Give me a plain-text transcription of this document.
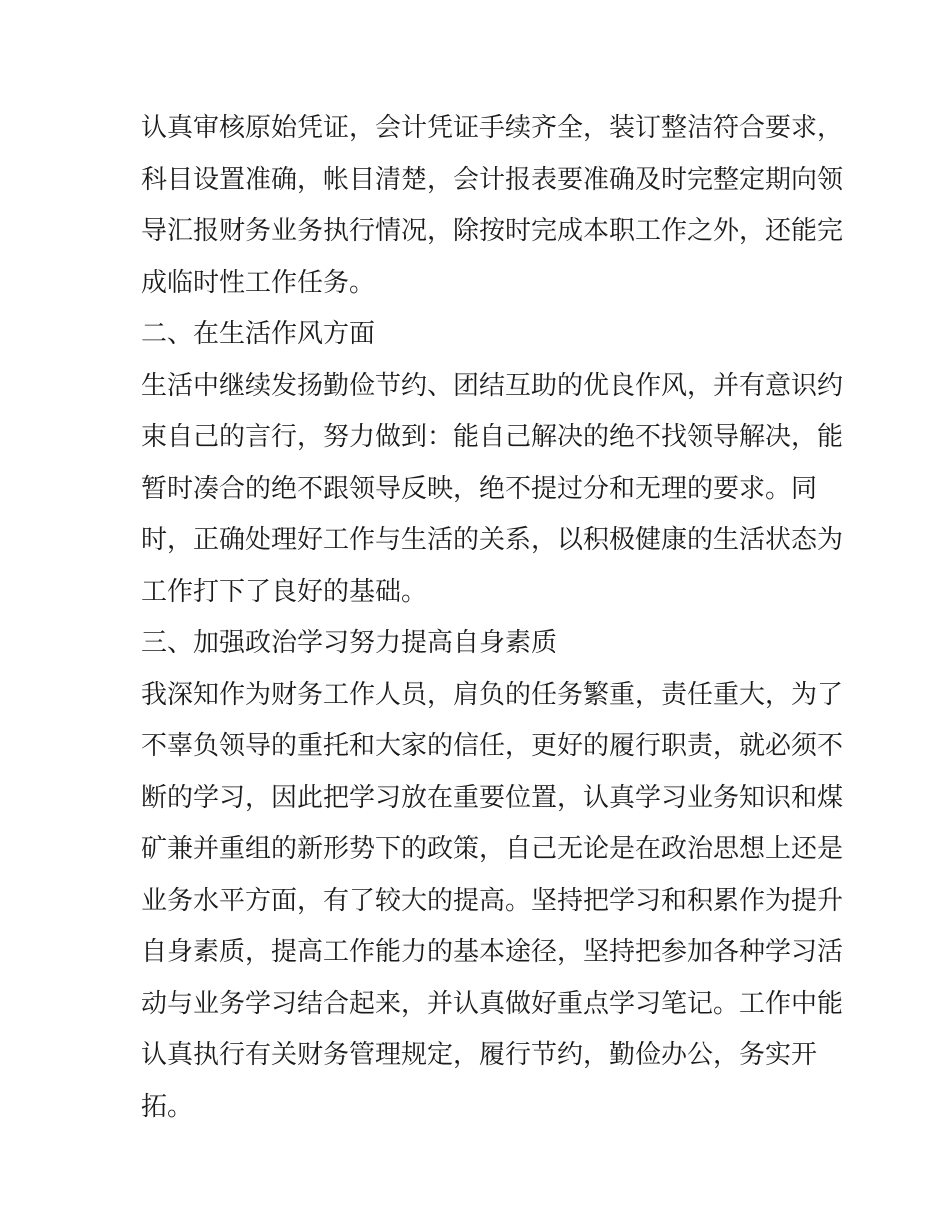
认真审核原始凭证，会计凭证手续齐全，装订整洁符合要求，
科目设置准确，帐目清楚，会计报表要准确及时完整定期向领
导汇报财务业务执行情况，除按时完成本职工作之外，还能完
成临时性工作任务。
二、在生活作风方面
生活中继续发扬勤俭节约、团结互助的优良作风，并有意识约
束自己的言行，努力做到：能自己解决的绝不找领导解决，能
暂时凑合的绝不跟领导反映，绝不提过分和无理的要求。同
时，正确处理好工作与生活的关系，以积极健康的生活状态为
工作打下了良好的基础。
三、加强政治学习努力提高自身素质
我深知作为财务工作人员，肩负的任务繁重，责任重大，为了
不辜负领导的重托和大家的信任，更好的履行职责，就必须不
断的学习，因此把学习放在重要位置，认真学习业务知识和煤
矿兼并重组的新形势下的政策，自己无论是在政治思想上还是
业务水平方面，有了较大的提高。坚持把学习和积累作为提升
自身素质，提高工作能力的基本途径，坚持把参加各种学习活
动与业务学习结合起来，并认真做好重点学习笔记。工作中能
认真执行有关财务管理规定，履行节约，勤俭办公，务实开
拓。
